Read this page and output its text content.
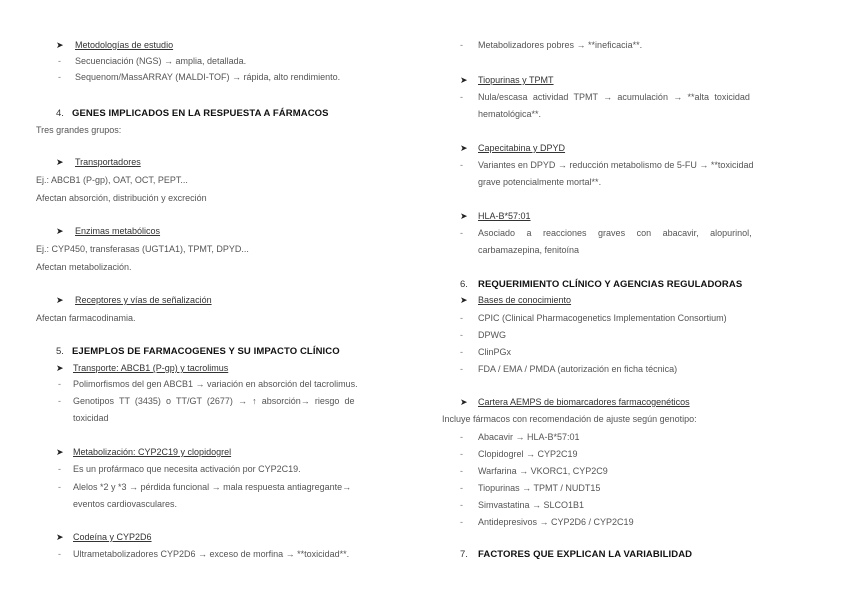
➤ Metodologías de estudio
- Secuenciación (NGS) → amplia, detallada.
- Sequenom/MassARRAY (MALDI-TOF) → rápida, alto rendimiento.
4. GENES IMPLICADOS EN LA RESPUESTA A FÁRMACOS
Tres grandes grupos:
➤ Transportadores
Ej.: ABCB1 (P-gp), OAT, OCT, PEPT...
Afectan absorción, distribución y excreción
➤ Enzimas metabólicos
Ej.: CYP450, transferasas (UGT1A1), TPMT, DPYD...
Afectan metabolización.
➤ Receptores y vías de señalización
Afectan farmacodinamia.
5. EJEMPLOS DE FARMACOGENES Y SU IMPACTO CLÍNICO
➤ Transporte: ABCB1 (P-gp) y tacrolimus
- Polimorfismos del gen ABCB1 → variación en absorción del tacrolimus.
- Genotipos TT (3435) o TT/GT (2677) → ↑ absorción→ riesgo de
toxicidad
➤ Metabolización: CYP2C19 y clopidogrel
- Es un profármaco que necesita activación por CYP2C19.
- Alelos *2 y *3 → pérdida funcional → mala respuesta antiagregante→
eventos cardiovasculares.
➤ Codeína y CYP2D6
- Ultrametabolizadores CYP2D6 → exceso de morfina → **toxicidad**.
- Metabolizadores pobres → **ineficacia**.
➤ Tiopurinas y TPMT
- Nula/escasa actividad TPMT → acumulación → **alta toxicidad
hematológica**.
➤ Capecitabina y DPYD
- Variantes en DPYD → reducción metabolismo de 5-FU → **toxicidad
grave potencialmente mortal**.
➤ HLA-B*57:01
- Asociado a reacciones graves con abacavir, alopurinol,
carbamazepina, fenitoína
6. REQUERIMIENTO CLÍNICO Y AGENCIAS REGULADORAS
➤ Bases de conocimiento
- CPIC (Clinical Pharmacogenetics Implementation Consortium)
- DPWG
- ClinPGx
- FDA / EMA / PMDA (autorización en ficha técnica)
➤ Cartera AEMPS de biomarcadores farmacogenéticos
Incluye fármacos con recomendación de ajuste según genotipo:
- Abacavir → HLA-B*57:01
- Clopidogrel → CYP2C19
- Warfarina → VKORC1, CYP2C9
- Tiopurinas → TPMT / NUDT15
- Simvastatina → SLCO1B1
- Antidepresivos → CYP2D6 / CYP2C19
7. FACTORES QUE EXPLICAN LA VARIABILIDAD
